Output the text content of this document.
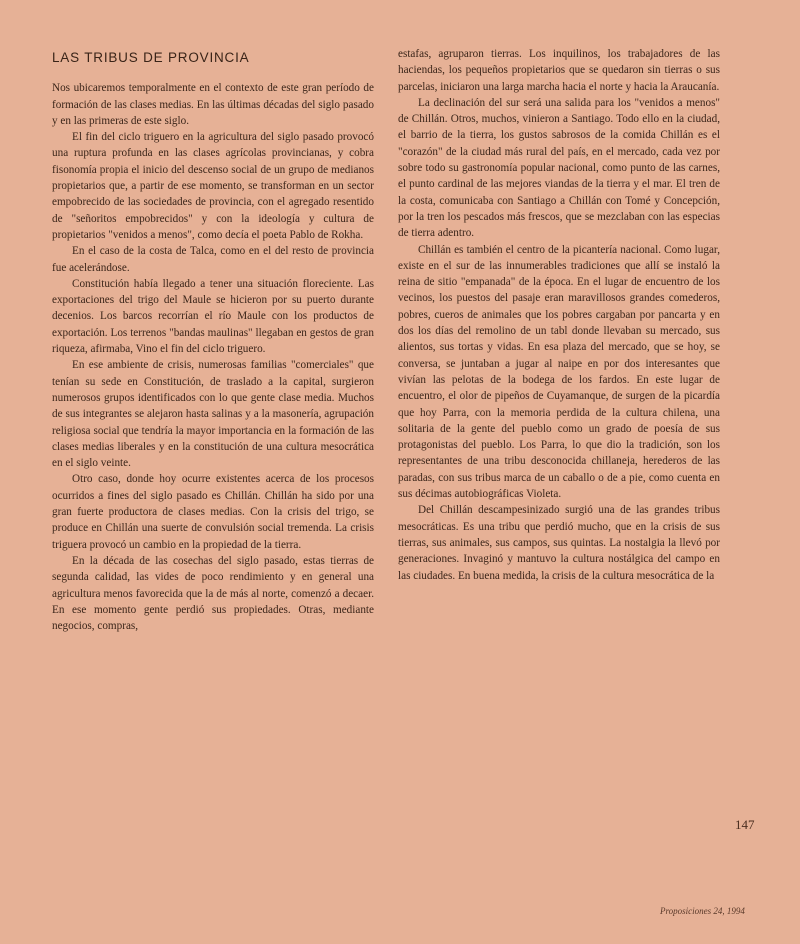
LAS TRIBUS DE PROVINCIA

Nos ubicaremos temporalmente en el contexto de este gran período de formación de las clases medias. En las últimas décadas del siglo pasado y en las primeras de este siglo.

El fin del ciclo triguero en la agricultura del siglo pasado provocó una ruptura profunda en las clases agrícolas provincianas, y cobra fisonomía propia el inicio del descenso social de un grupo de medianos propietarios que, a partir de ese momento, se transforman en un sector empobrecido de las sociedades de provincia, con el agregado resentido de "señoritos empobrecidos" y con la ideología y cultura de propietarios "venidos a menos", como decía el poeta Pablo de Rokha.

En el caso de la costa de Talca, como en el del resto de provincia fue acelerándose.

Constitución había llegado a tener una situación floreciente. Las exportaciones del trigo del Maule se hicieron por su puerto durante decenios. Los barcos recorrían el río Maule con los productos de exportación. Los terrenos "bandas maulinas" llegaban en gestos de gran riqueza, afirmaba, Vino el fin del ciclo triguero.

En ese ambiente de crisis, numerosas familias "comerciales" que tenían su sede en Constitución, de traslado a la capital, surgieron numerosos grupos identificados con lo que gente clase media. Muchos de sus integrantes se alejaron hasta salinas y a la masonería, agrupación religiosa social que tendría la mayor importancia en la formación de las clases medias liberales y en la constitución de una cultura mesocrática en el siglo veinte.

Otro caso, donde hoy ocurre existentes acerca de los procesos ocurridos a fines del siglo pasado es Chillán. Chillán ha sido por una gran fuerte productora de clases medias. Con la crisis del trigo, se produce en Chillán una suerte de convulsión social tremenda. La crisis triguera provocó un cambio en la propiedad de la tierra.

En la década de las cosechas del siglo pasado, estas tierras de segunda calidad, las vides de poco rendimiento y en general una agricultura menos favorecida que la de más al norte, comenzó a decaer. En ese momento gente perdió sus propiedades. Otras, mediante negocios, compras,

estafas, agruparon tierras. Los inquilinos, los trabajadores de las haciendas, los pequeños propietarios que se quedaron sin tierras o sus parcelas, iniciaron una larga marcha hacia el norte y hacia la Araucanía.

La declinación del sur será una salida para los "venidos a menos" de Chillán. Otros, muchos, vinieron a Santiago. Todo ello en la ciudad, el barrio de la tierra, los gustos sabrosos de la comida Chillán es el "corazón" de la ciudad más rural del país, en el mercado, cada vez por sobre todo su gastronomía popular nacional, como punto de las carnes, el punto cardinal de las mejores viandas de la tierra y el mar. El tren de la costa, comunicaba con Santiago a Chillán con Tomé y Concepción, por la tren los pescados más frescos, que se mezclaban con las especias de tierra adentro.

Chillán es también el centro de la picantería nacional. Como lugar, existe en el sur de las innumerables tradiciones que allí se instaló la reina de sitio "empanada" de la época. En el lugar de encuentro de los vecinos, los puestos del pasaje eran maravillosos grandes comederos, pobres, cueros de animales que los pobres cargaban por pancarta y en dos los días del remolino de un tabl donde llevaban su mercado, sus alientos, sus tortas y vidas. En esa plaza del mercado, que se hoy, se conversa, se juntaban a jugar al naipe en por dos interesantes que vivían las pelotas de la bodega de los fardos. En este lugar de encuentro, el olor de pipeños de Cuyamanque, de surgen de la picardía que hoy Parra, con la memoria perdida de la cultura chilena, una solitaria de la gente del pueblo como un grado de poesía de sus protagonistas del pueblo. Los Parra, lo que dio la tradición, son los representantes de una tribu desconocida chillaneja, herederos de las paradas, con sus tribus marca de un caballo o de a pie, como cuenta en sus décimas autobiográficas Violeta.

Del Chillán descampesinizado surgió una de las grandes tribus mesocráticas. Es una tribu que perdió mucho, que en la crisis de sus tierras, sus animales, sus campos, sus quintas. La nostalgia la llevó por generaciones. Invaginó y mantuvo la cultura nostálgica del campo en las ciudades. En buena medida, la crisis de la cultura mesocrática de la

147
Proposiciones 24, 1994
